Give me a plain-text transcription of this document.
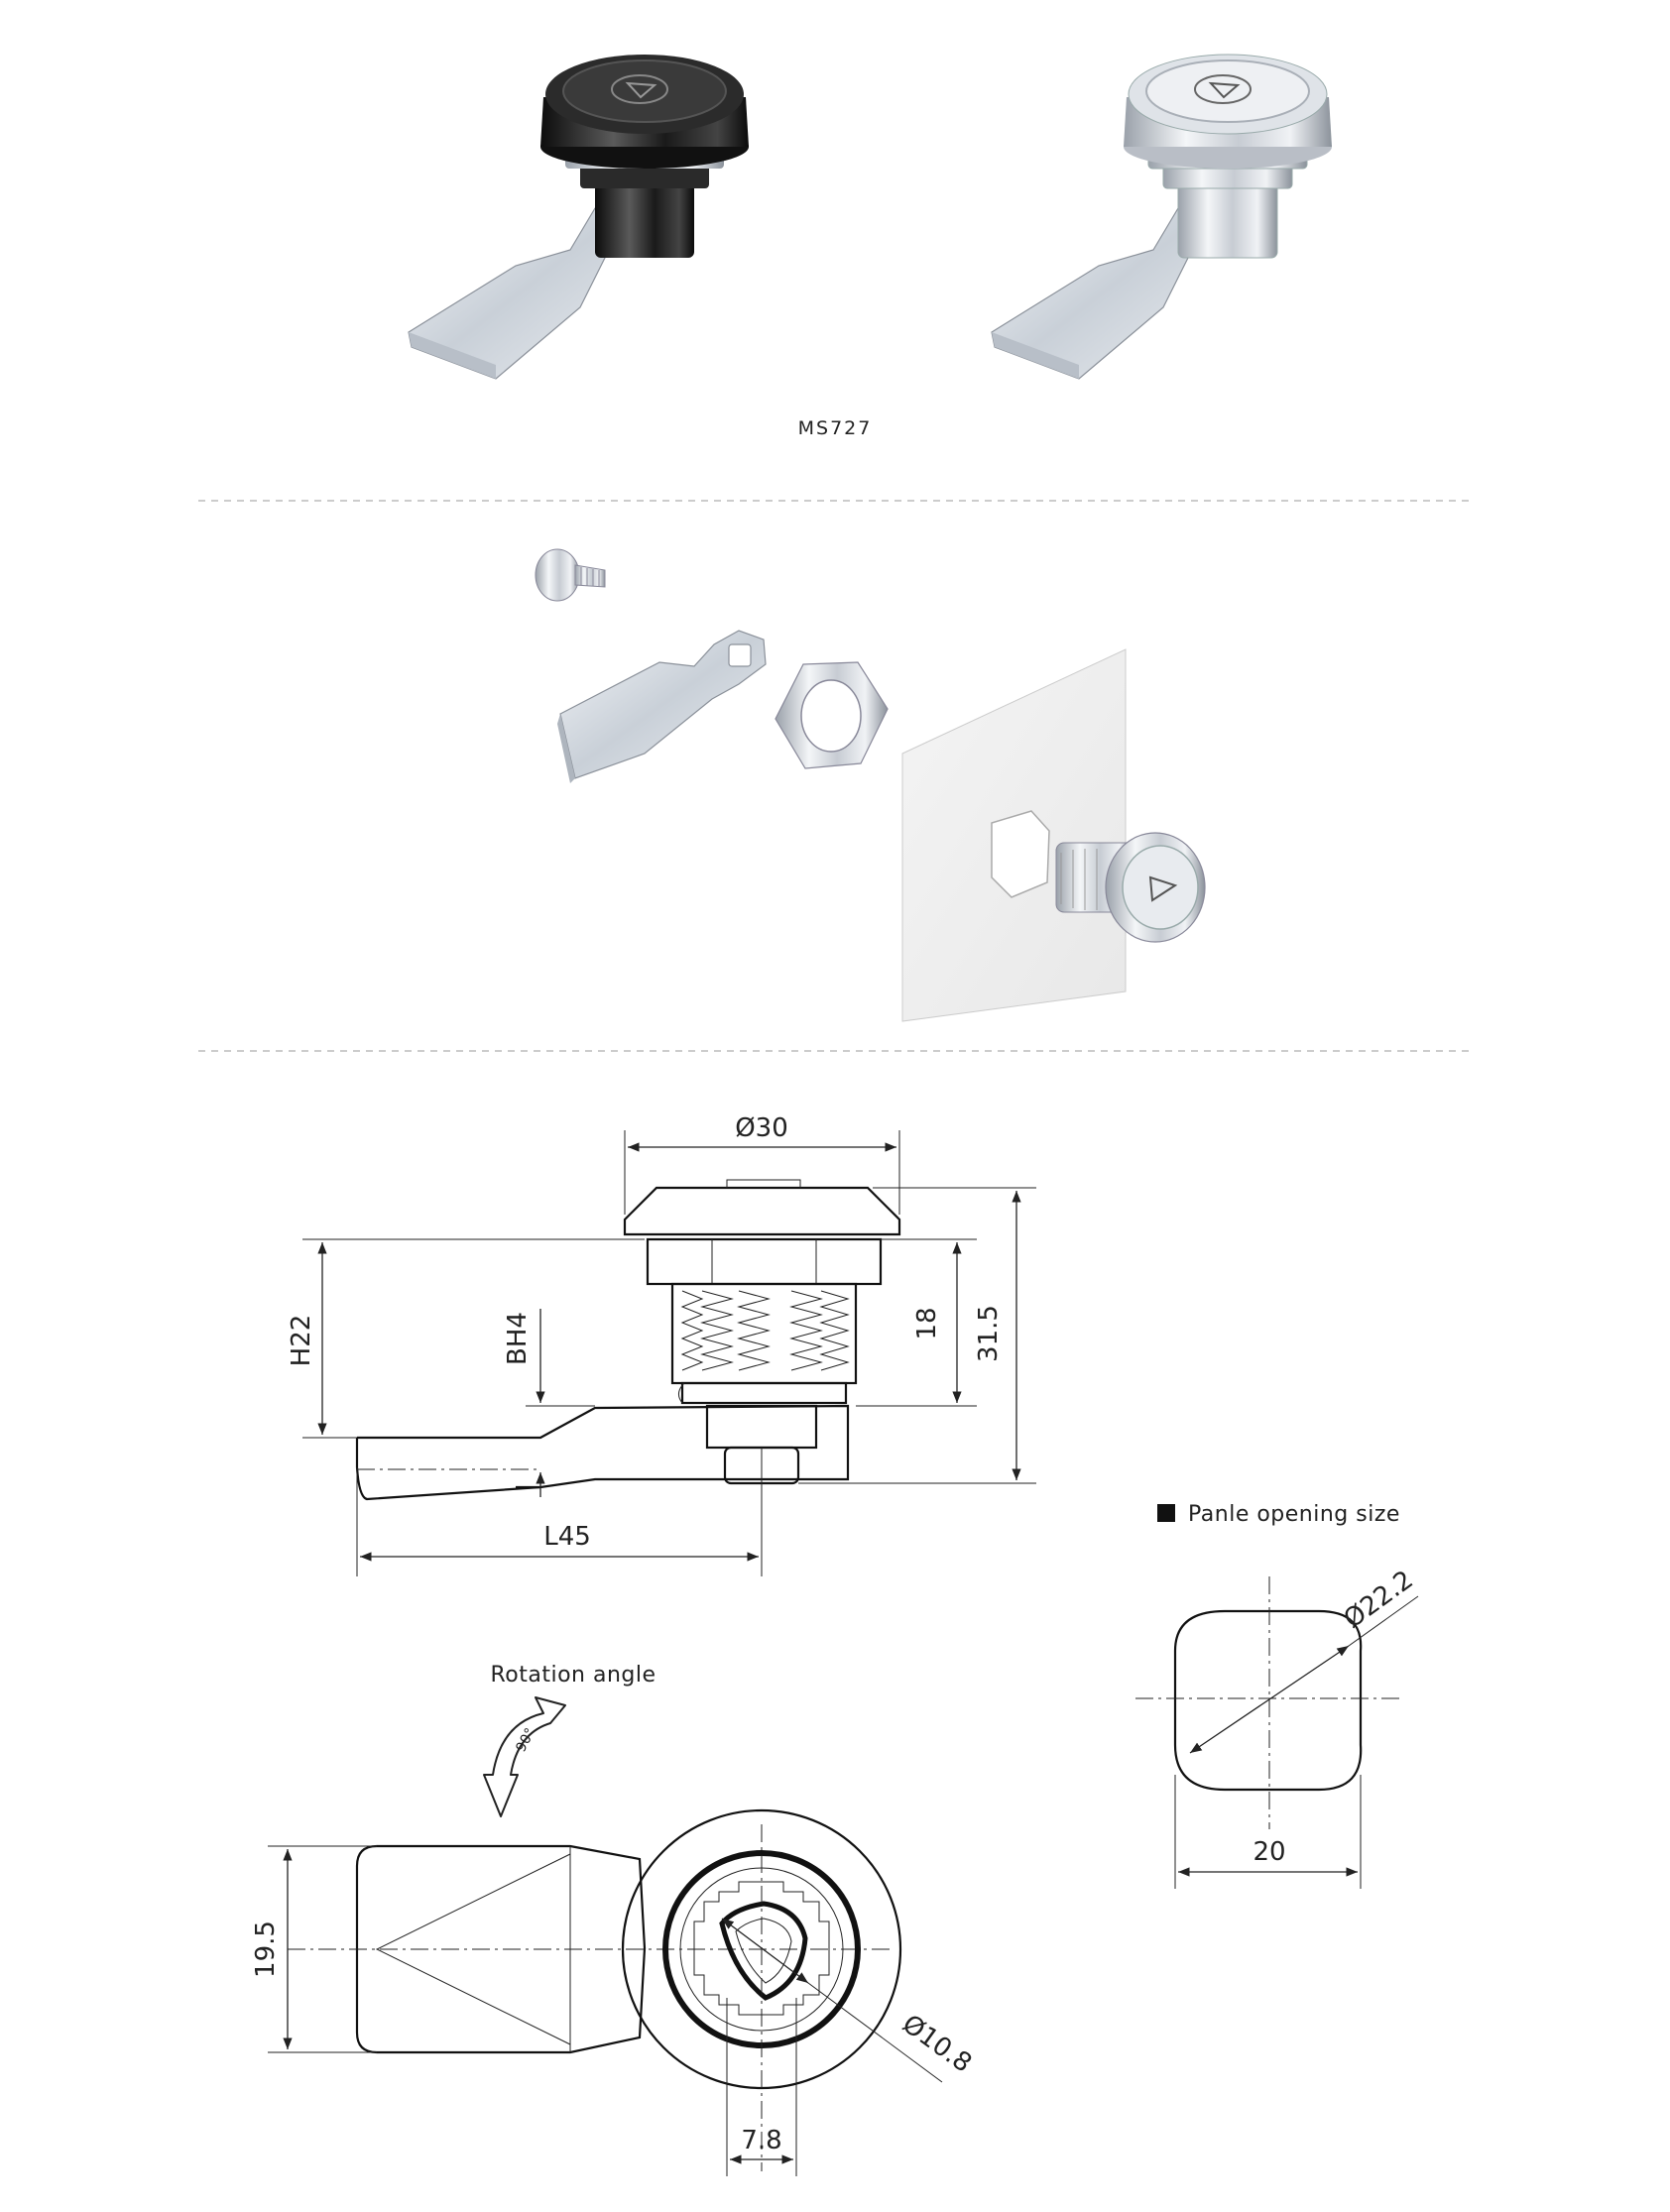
MS727
Ø30
H22	BH4	18 31.5
L45
Panle opening size
Ø22.2
20
Rotation angle
90°
19.5
Ø10.8
7.8
